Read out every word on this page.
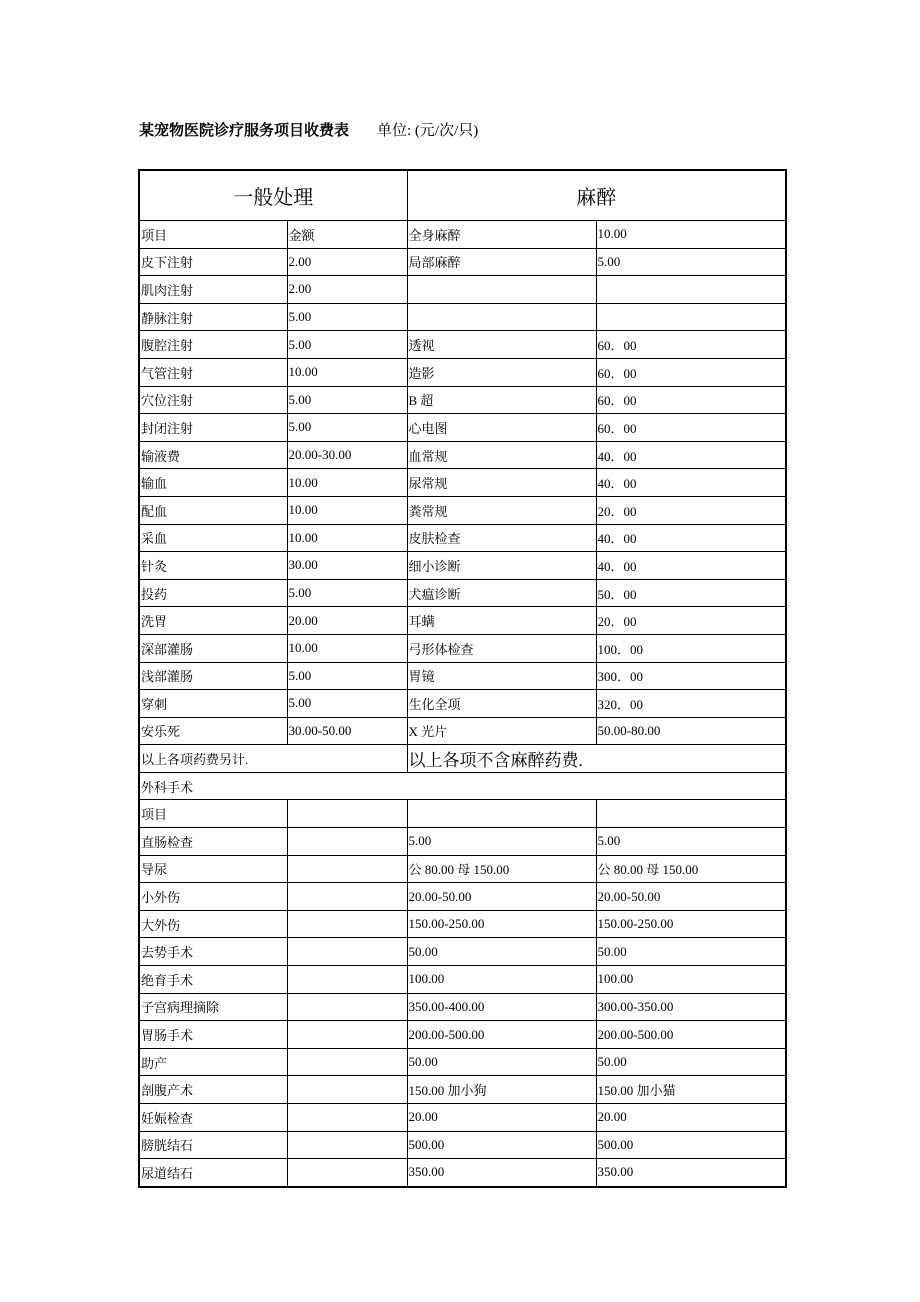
某宠物医院诊疗服务项目收费表 单位: (元/次/只)
一般处理		麻醉	
项目	金额	全身麻醉	10.00
皮下注射	2.00	局部麻醉	5.00
肌肉注射	2.00		
静脉注射	5.00		
腹腔注射	5.00	透视	60．00
气管注射	10.00	造影	60．00
穴位注射	5.00	B 超	60．00
封闭注射	5.00	心电图	60．00
输液费	20.00-30.00	血常规	40．00
输血	10.00	尿常规	40．00
配血	10.00	粪常规	20．00
采血	10.00	皮肤检查	40．00
针灸	30.00	细小诊断	40．00
投药	5.00	犬瘟诊断	50．00
洗胃	20.00	耳螨	20．00
深部灌肠	10.00	弓形体检查	100．00
浅部灌肠	5.00	胃镜	300．00
穿刺	5.00	生化全项	320．00
安乐死	30.00-50.00	X 光片	50.00-80.00
以上各项药费另计.		以上各项不含麻醉药费.	
外科手术			
项目			
直肠检查		5.00	5.00
导尿		公 80.00 母 150.00	公 80.00 母 150.00
小外伤		20.00-50.00	20.00-50.00
大外伤		150.00-250.00	150.00-250.00
去势手术		50.00	50.00
绝育手术		100.00	100.00
子宫病理摘除		350.00-400.00	300.00-350.00
胃肠手术		200.00-500.00	200.00-500.00
助产		50.00	50.00
剖腹产术		150.00 加小狗	150.00 加小猫
妊娠检查		20.00	20.00
膀胱结石		500.00	500.00
尿道结石		350.00	350.00
